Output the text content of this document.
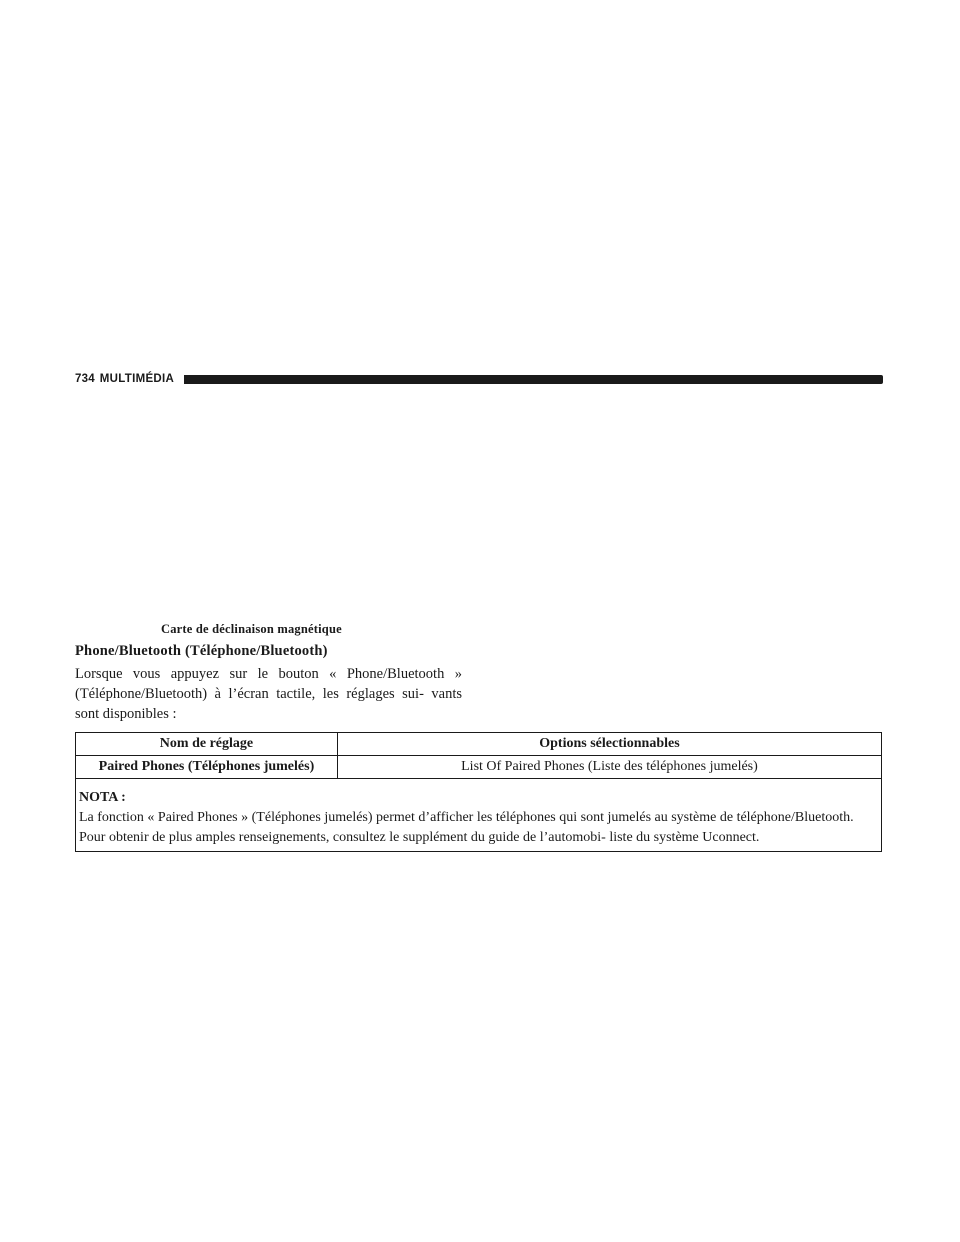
734 MULTIMÉDIA
Carte de déclinaison magnétique
Phone/Bluetooth (Téléphone/Bluetooth)
Lorsque vous appuyez sur le bouton « Phone/Bluetooth » (Téléphone/Bluetooth) à l’écran tactile, les réglages sui- vants sont disponibles :
Nom de réglage	Options sélectionnables
Paired Phones (Téléphones jumelés)	List Of Paired Phones (Liste des téléphones jumelés)

NOTA :
La fonction « Paired Phones » (Téléphones jumelés) permet d’afficher les téléphones qui sont jumelés au système de téléphone/Bluetooth. Pour obtenir de plus amples renseignements, consultez le supplément du guide de l’automobi- liste du système Uconnect.	
